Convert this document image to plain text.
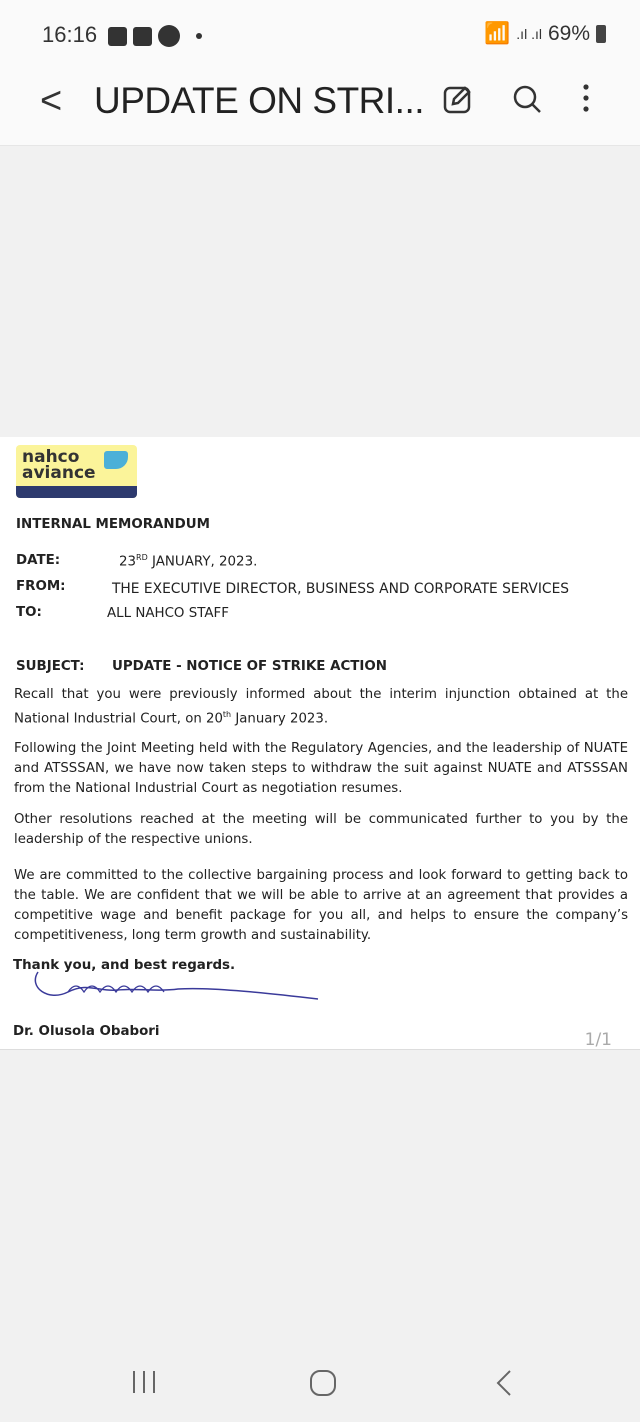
16:16	📶 .ıl .ıl 69%
< UPDATE ON STRI...
nahco
aviance
INTERNAL MEMORANDUM
DATE:	23RD JANUARY, 2023.
FROM:	THE EXECUTIVE DIRECTOR, BUSINESS AND CORPORATE SERVICES
TO:	ALL NAHCO STAFF
SUBJECT: UPDATE - NOTICE OF STRIKE ACTION
Recall that you were previously informed about the interim injunction obtained at the National Industrial Court, on 20th January 2023.
Following the Joint Meeting held with the Regulatory Agencies, and the leadership of NUATE and ATSSSAN, we have now taken steps to withdraw the suit against NUATE and ATSSSAN from the National Industrial Court as negotiation resumes.
Other resolutions reached at the meeting will be communicated further to you by the leadership of the respective unions.
We are committed to the collective bargaining process and look forward to getting back to the table. We are confident that we will be able to arrive at an agreement that provides a competitive wage and benefit package for you all, and helps to ensure the company’s competitiveness, long term growth and sustainability.
Thank you, and best regards.
Dr. Olusola Obabori	1/1
